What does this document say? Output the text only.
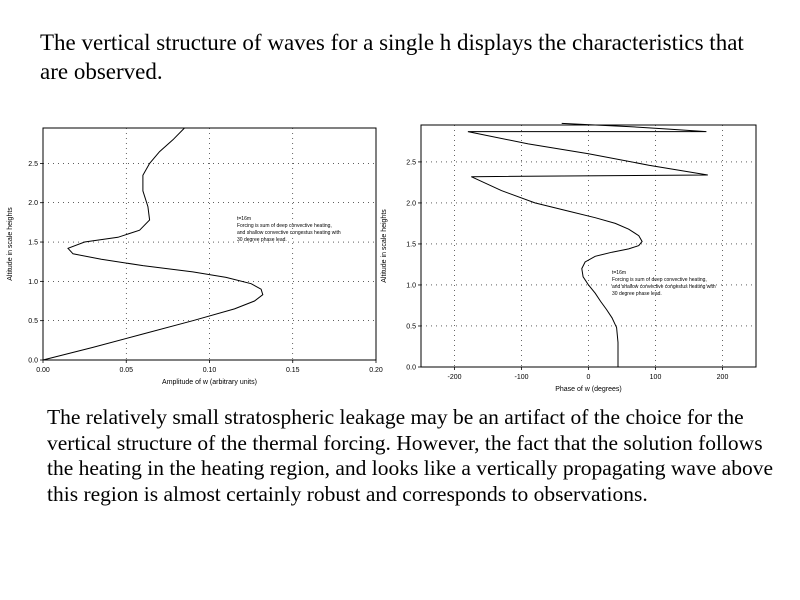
The vertical structure of waves for a single h displays the characteristics that are observed.
0.00	0.05	0.10	0.15	0.20
0.0
0.5
1.0
1.5
2.0
2.5
Amplitude of w (arbitrary units)
Altitude in scale heights	t=16m
Forcing is sum of deep convective heating,
and shallow convective congestus heating with
30 degree phase lead.
-200	-100	0	100	200
0.0
0.5
1.0
1.5
2.0
2.5
Phase of w (degrees)
Altitude in scale heights	t=16m
Forcing is sum of deep convective heating,
and shallow convective congestus heating with
30 degree phase lead.
The relatively small stratospheric leakage may be an artifact of the choice for the vertical structure of the thermal forcing. However, the fact that the solution follows the heating in the heating region, and looks like a vertically propagating wave above this region is almost certainly robust and corresponds to observations.
